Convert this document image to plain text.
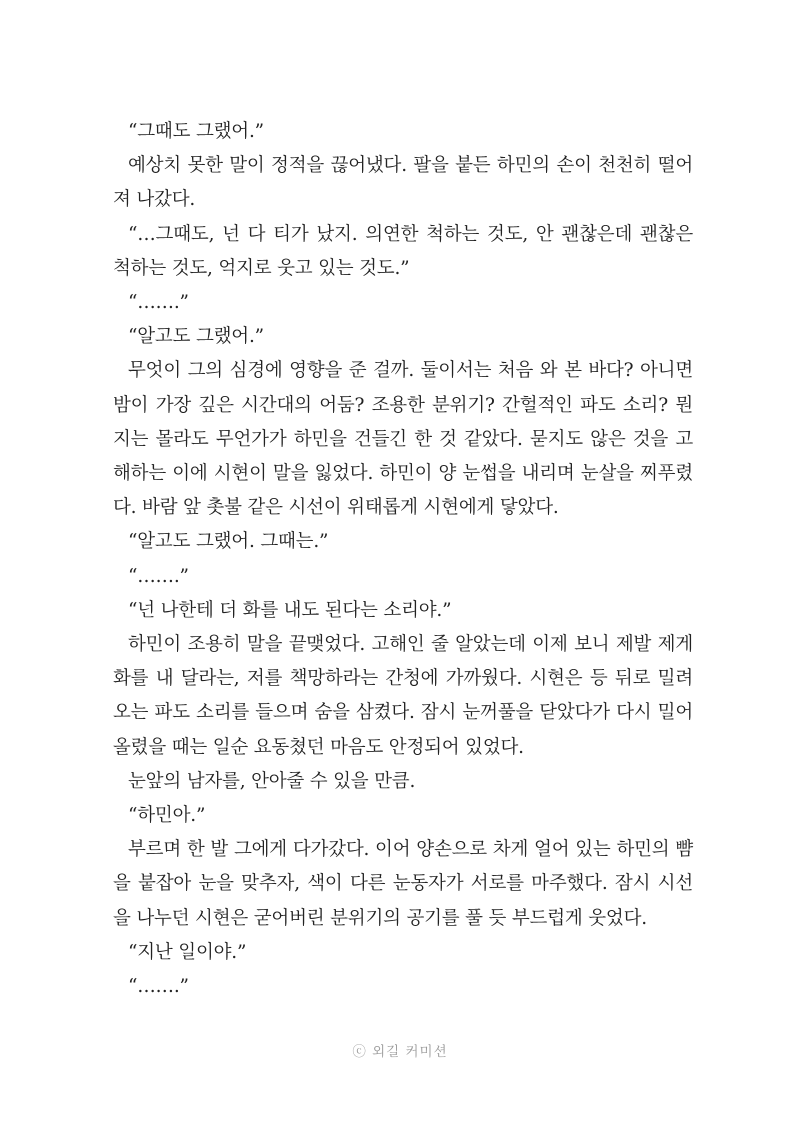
“그때도 그랬어.”

예상치 못한 말이 정적을 끊어냈다. 팔을 붙든 하민의 손이 천천히 떨어져 나갔다.

“…그때도, 넌 다 티가 났지. 의연한 척하는 것도, 안 괜찮은데 괜찮은 척하는 것도, 억지로 웃고 있는 것도.”

“…….”

“알고도 그랬어.”

무엇이 그의 심경에 영향을 준 걸까. 둘이서는 처음 와 본 바다? 아니면 밤이 가장 깊은 시간대의 어둠? 조용한 분위기? 간헐적인 파도 소리? 뭔지는 몰라도 무언가가 하민을 건들긴 한 것 같았다. 묻지도 않은 것을 고해하는 이에 시현이 말을 잃었다. 하민이 양 눈썹을 내리며 눈살을 찌푸렸다. 바람 앞 촛불 같은 시선이 위태롭게 시현에게 닿았다.

“알고도 그랬어. 그때는.”

“…….”

“넌 나한테 더 화를 내도 된다는 소리야.”

하민이 조용히 말을 끝맺었다. 고해인 줄 알았는데 이제 보니 제발 제게 화를 내 달라는, 저를 책망하라는 간청에 가까웠다. 시현은 등 뒤로 밀려오는 파도 소리를 들으며 숨을 삼켰다. 잠시 눈꺼풀을 닫았다가 다시 밀어 올렸을 때는 일순 요동쳤던 마음도 안정되어 있었다.

눈앞의 남자를, 안아줄 수 있을 만큼.

“하민아.”

부르며 한 발 그에게 다가갔다. 이어 양손으로 차게 얼어 있는 하민의 뺨을 붙잡아 눈을 맞추자, 색이 다른 눈동자가 서로를 마주했다. 잠시 시선을 나누던 시현은 굳어버린 분위기의 공기를 풀 듯 부드럽게 웃었다.

“지난 일이야.”

“…….”

ⓒ 외길 커미션
